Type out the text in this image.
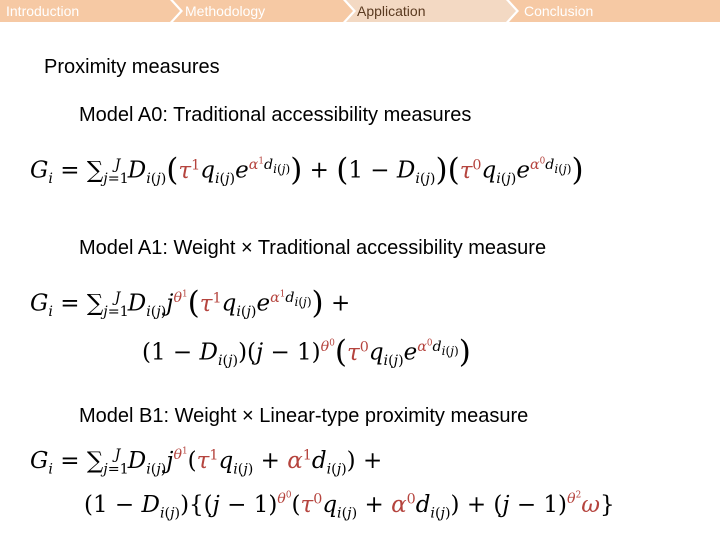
Introduction	Methodology	Application	Conclusion
Proximity measures
Model A0: Traditional accessibility measures
$G_i = \sum_{j=1}^J$ $D_{i(j)}(\tau^1q_{i(j)}e^{\alpha^1d_{i(j)}}) + (1 - D_{i(j)})(\tau^0q_{i(j)}e^{\alpha^0d_{i(j)}})$
Model A1: Weight × Traditional accessibility measure
$G_i = \sum_{j=1}^J$ $D_{i(j)}j^{\theta^1}(\tau^1q_{i(j)}e^{\alpha^1d_{i(j)}})$ +
$(1 - D_{i(j)})(j - 1)^{\theta^0}(\tau^0q_{i(j)}e^{\alpha^0d_{i(j)}})$
Model B1: Weight × Linear-type proximity measure
$G_i = \sum_{j=1}^J$ $D_{i(j)}j^{\theta^1}(\tau^1q_{i(j)} + \alpha^1d_{i(j)})$ +
$(1 - D_{i(j)})\{(j - 1)^{\theta^0}(\tau^0q_{i(j)} + \alpha^0d_{i(j)}) + (j - 1)^{\theta^2}\omega\}$
